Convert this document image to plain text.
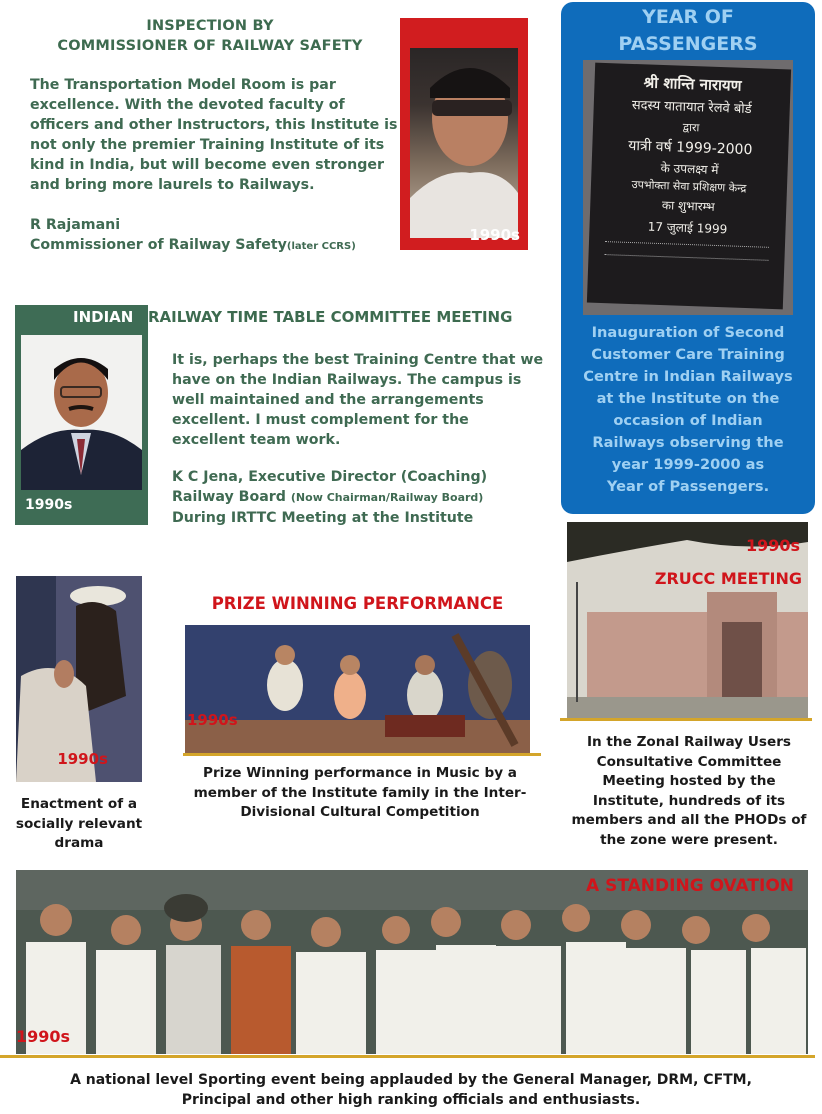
INSPECTION BY
COMMISSIONER OF RAILWAY SAFETY
The Transportation Model Room is par
excellence. With the devoted faculty of
officers and other Instructors, this Institute is
not only the premier Training Institute of its
kind in India, but will become even stronger
and bring more laurels to Railways.
R Rajamani
Commissioner of Railway Safety(later CCRS)
1990s
YEAR OF
PASSENGERS
श्री शान्ति नारायण
सदस्य यातायात रेलवे बोर्ड
द्वारा
यात्री वर्ष 1999-2000
के उपलक्ष्य में
उपभोक्ता सेवा प्रशिक्षण केन्द्र
का शुभारम्भ
17 जुलाई 1999
Inauguration of Second
Customer Care Training
Centre in Indian Railways
at the Institute on the
occasion of Indian
Railways observing the
year 1999-2000 as
Year of Passengers.
INDIAN RAILWAY TIME TABLE COMMITTEE MEETING
1990s
It is, perhaps the best Training Centre that we
have on the Indian Railways. The campus is
well maintained and the arrangements
excellent. I must complement for the
excellent team work.
K C Jena, Executive Director (Coaching)
Railway Board (Now Chairman/Railway Board)
During IRTTC Meeting at the Institute
1990s
Enactment of a
socially relevant
drama
PRIZE WINNING PERFORMANCE
1990s
Prize Winning performance in Music by a
member of the Institute family in the Inter-
Divisional Cultural Competition
1990s
ZRUCC MEETING
In the Zonal Railway Users
Consultative Committee
Meeting hosted by the
Institute, hundreds of its
members and all the PHODs of
the zone were present.
A STANDING OVATION
1990s
A national level Sporting event being applauded by the General Manager, DRM, CFTM,
Principal and other high ranking officials and enthusiasts.
